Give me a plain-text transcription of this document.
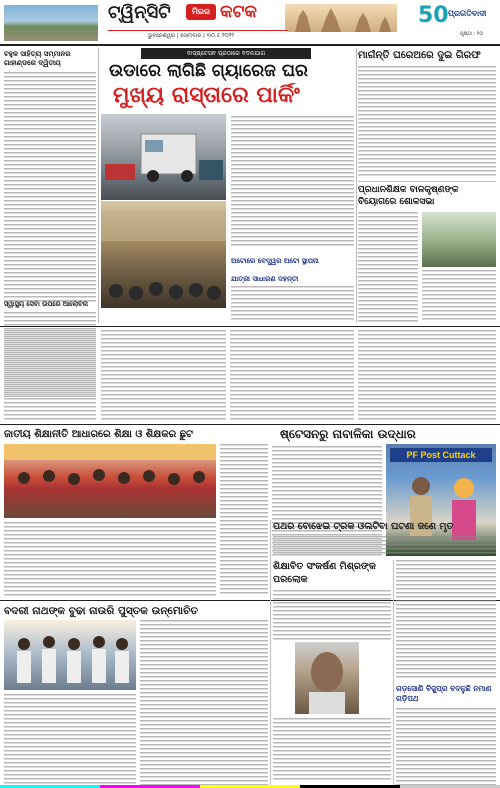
ଟ୍ୱିନ୍‌ସିଟି	ମିରର କଟକ
ଭୁବନେଶ୍ୱର | ସୋମବାର | ୩୦.୫.୨୦୨୨
50 ପ୍ରଗତିବାଦୀ
ପୃଷ୍ଠା : ୧୦
ବହୁଳ ସାହିତ୍ୟ ସମ୍ମାନର ଗାହାଣ୍ଡରେ ଦ୍ୱିତୀୟ
ସ୍ୱାସ୍ଥ୍ୟ ସେବା ଉପରେ ଆଲୋଚନା
ବାସ୍‌ଷ୍ଟେସନ ପ୍ରଠାରେ ବଦଳଯାଗ
ଉଡାରେ ଲାଗିଛି ଗ୍ୟାରେଜ ଘର
ମୁଖ୍ୟ ରାସ୍ତାରେ ପାର୍କିଂ
ଅଟୋରେ ବେଦ୍ଧ୍ୱର ଅଟୋ ସ୍ଥାପନା
ଯାତ୍ରୀ ସାଧାରଣ ଦହନ୍ତୀ
ମାର୍ଗନ୍ତି ଘରେଅରେ ଦୁଇ ଗିରଫ
ପ୍ରଧାନଶିକ୍ଷକ ବାଳକୃଷ୍ଣଙ୍କ ବିୟୋଗରେ ଶୋକସଭା
ଜାତୀୟ ଶିକ୍ଷାନୀତି ଆଧାରରେ ଶିକ୍ଷା ଓ ଶିକ୍ଷକର ଛୁଟ	ଷ୍ଟେସନରୁ ନାବାଳିକା ଉଦ୍ଧାର
PF Post Cuttack
ବଦରୀ ନାଥଙ୍କ ବୁଢା ନାଉରି ପୁସ୍ତକ ଉନ୍ମୋଚିତ
ଶିକ୍ଷାବିତ ସଂକର୍ଷଣ ମିଶ୍ରଙ୍କ ପରଲୋକ
ପଥର ବୋଝେଇ ଟ୍ରକ ଓଲଟିବା ଘଟଣା ଜଣେ ମୃତ
ଗଡ଼ସୋଣି ବିଜୁପ୍ର ବଦଳୁଛି ନମାଣ ଗଡ଼ିପଥ
